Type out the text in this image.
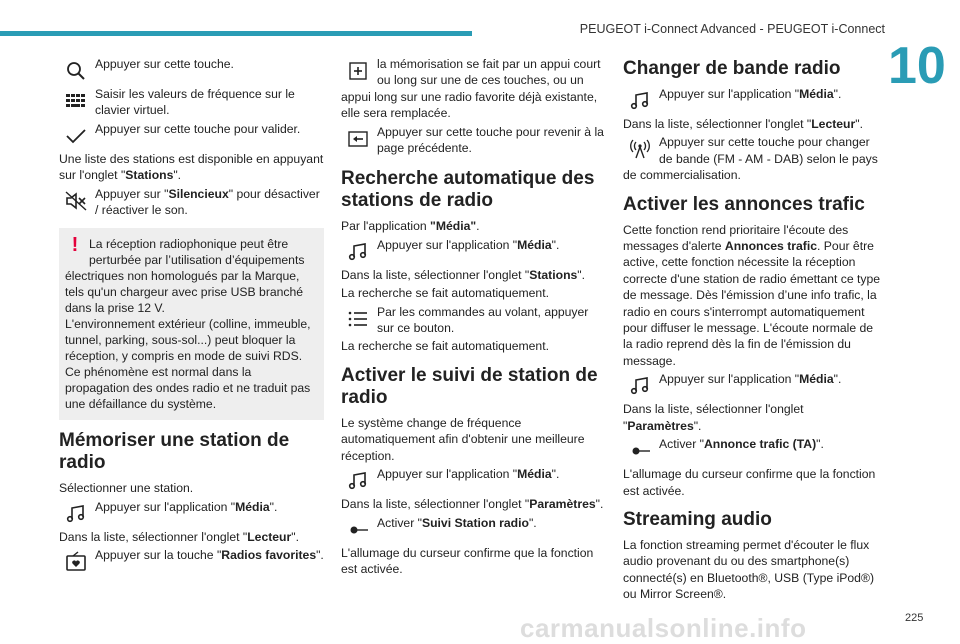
PEUGEOT i-Connect Advanced - PEUGEOT i-Connect
10

Appuyer sur cette touche.

Saisir les valeurs de fréquence sur le clavier virtuel.

Appuyer sur cette touche pour valider.

Une liste des stations est disponible en appuyant sur l'onglet "Stations".

Appuyer sur "Silencieux" pour désactiver / réactiver le son.

! La réception radiophonique peut être perturbée par l’utilisation d’équipements électriques non homologués par la Marque, tels qu'un chargeur avec prise USB branché dans la prise 12 V.
L'environnement extérieur (colline, immeuble, tunnel, parking, sous-sol...) peut bloquer la réception, y compris en mode de suivi RDS. Ce phénomène est normal dans la propagation des ondes radio et ne traduit pas une défaillance du système.
Mémoriser une station de radio

Sélectionner une station.

Appuyer sur l'application "Média".

Dans la liste, sélectionner l'onglet "Lecteur".

Appuyer sur la touche "Radios favorites".

la mémorisation se fait par un appui court ou long sur une de ces touches, ou un appui long sur une radio favorite déjà existante, elle sera remplacée.

Appuyer sur cette touche pour revenir à la page précédente.

Recherche automatique des stations de radio

Par l'application "Média".

Appuyer sur l'application "Média".

Dans la liste, sélectionner l'onglet "Stations".

La recherche se fait automatiquement.

Par les commandes au volant, appuyer sur ce bouton.

La recherche se fait automatiquement.

Activer le suivi de station de radio

Le système change de fréquence automatiquement afin d'obtenir une meilleure réception.

Appuyer sur l'application "Média".

Dans la liste, sélectionner l'onglet "Paramètres".

Activer "Suivi Station radio".

L'allumage du curseur confirme que la fonction est activée.

Changer de bande radio

Appuyer sur l'application "Média".

Dans la liste, sélectionner l'onglet "Lecteur".

Appuyer sur cette touche pour changer de bande (FM - AM - DAB) selon le pays de commercialisation.

Activer les annonces trafic

Cette fonction rend prioritaire l'écoute des messages d'alerte Annonces trafic. Pour être active, cette fonction nécessite la réception correcte d'une station de radio émettant ce type de message. Dès l'émission d’une info trafic, la radio en cours s'interrompt automatiquement pour diffuser le message. L'écoute normale de la radio reprend dès la fin de l'émission du message.

Appuyer sur l'application "Média".

Dans la liste, sélectionner l'onglet "Paramètres".

Activer "Annonce trafic (TA)".

L'allumage du curseur confirme que la fonction est activée.

Streaming audio

La fonction streaming permet d'écouter le flux audio provenant du ou des smartphone(s) connecté(s) en Bluetooth®, USB (Type iPod®) ou Mirror Screen®.

carmanualsonline.info	225
